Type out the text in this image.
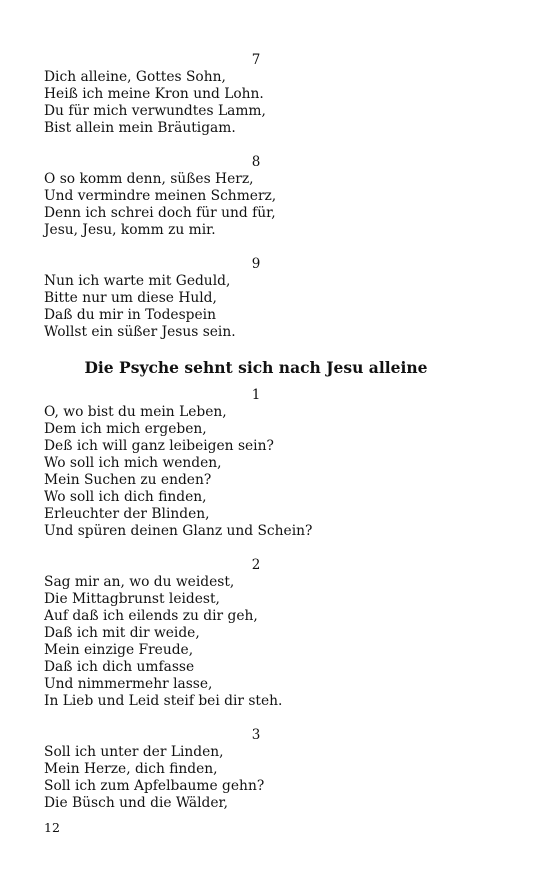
7
Dich alleine, Gottes Sohn,
Heiß ich meine Kron und Lohn.
Du für mich verwundtes Lamm,
Bist allein mein Bräutigam.
8
O so komm denn, süßes Herz,
Und vermindre meinen Schmerz,
Denn ich schrei doch für und für,
Jesu, Jesu, komm zu mir.
9
Nun ich warte mit Geduld,
Bitte nur um diese Huld,
Daß du mir in Todespein
Wollst ein süßer Jesus sein.
Die Psyche sehnt sich nach Jesu alleine
1
O, wo bist du mein Leben,
Dem ich mich ergeben,
Deß ich will ganz leibeigen sein?
Wo soll ich mich wenden,
Mein Suchen zu enden?
Wo soll ich dich finden,
Erleuchter der Blinden,
Und spüren deinen Glanz und Schein?
2
Sag mir an, wo du weidest,
Die Mittagbrunst leidest,
Auf daß ich eilends zu dir geh,
Daß ich mit dir weide,
Mein einzige Freude,
Daß ich dich umfasse
Und nimmermehr lasse,
In Lieb und Leid steif bei dir steh.
3
Soll ich unter der Linden,
Mein Herze, dich finden,
Soll ich zum Apfelbaume gehn?
Die Büsch und die Wälder,
12
